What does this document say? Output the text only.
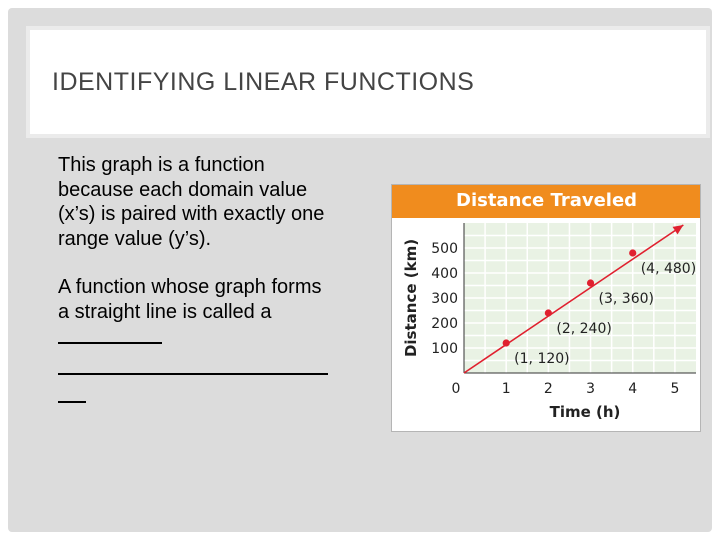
IDENTIFYING LINEAR FUNCTIONS

This graph is a function because each domain value (x’s) is paired with exactly one range value (y’s).

A function whose graph forms a straight line is called a

Distance Traveled
0	1 2 3 4 5
100
200
300
400
500
Time (h)
Distance (km)
(1, 120)
(2, 240)
(3, 360)
(4, 480)
